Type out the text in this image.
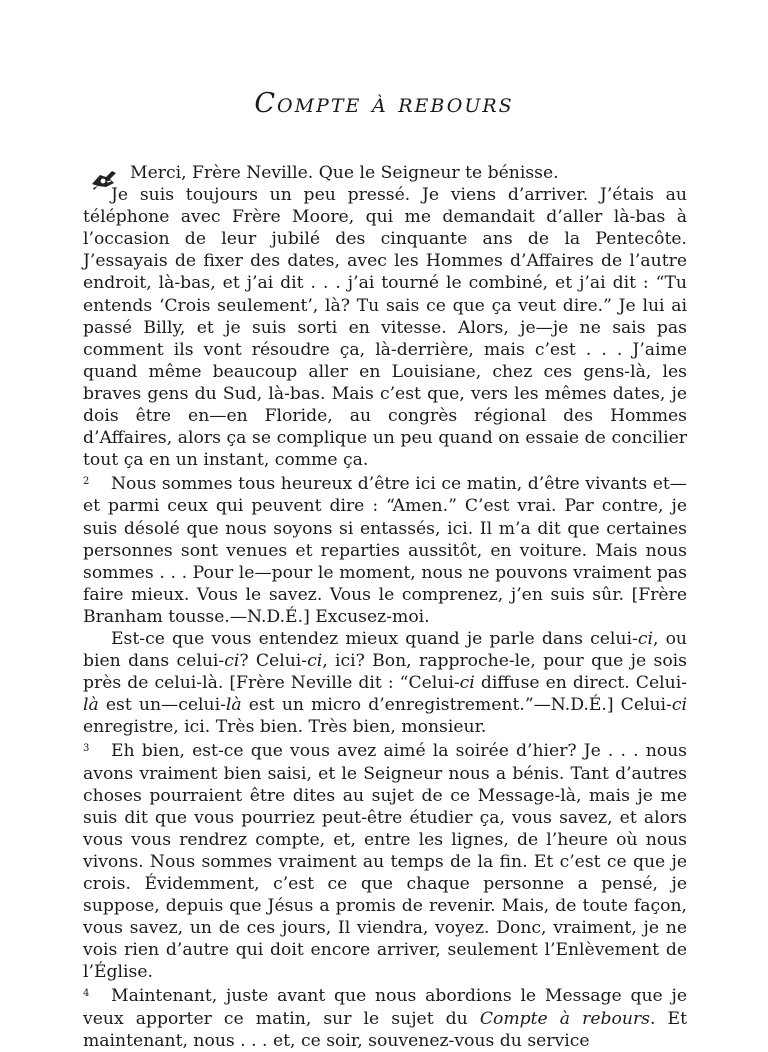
Compte à rebours

Merci, Frère Neville. Que le Seigneur te bénisse.

Je suis toujours un peu pressé. Je viens d’arriver. J’étais au téléphone avec Frère Moore, qui me demandait d’aller là-bas à l’occasion de leur jubilé des cinquante ans de la Pentecôte. J’essayais de fixer des dates, avec les Hommes d’Affaires de l’autre endroit, là-bas, et j’ai dit . . . j’ai tourné le combiné, et j’ai dit : “Tu entends ‘Crois seulement’, là? Tu sais ce que ça veut dire.” Je lui ai passé Billy, et je suis sorti en vitesse. Alors, je—je ne sais pas comment ils vont résoudre ça, là-derrière, mais c’est . . . J’aime quand même beaucoup aller en Louisiane, chez ces gens-là, les braves gens du Sud, là-bas. Mais c’est que, vers les mêmes dates, je dois être en—en Floride, au congrès régional des Hommes d’Affaires, alors ça se complique un peu quand on essaie de concilier tout ça en un instant, comme ça.

2 Nous sommes tous heureux d’être ici ce matin, d’être vivants et—et parmi ceux qui peuvent dire : “Amen.” C’est vrai. Par contre, je suis désolé que nous soyons si entassés, ici. Il m’a dit que certaines personnes sont venues et reparties aussitôt, en voiture. Mais nous sommes . . . Pour le—pour le moment, nous ne pouvons vraiment pas faire mieux. Vous le savez. Vous le comprenez, j’en suis sûr. [Frère Branham tousse.—N.D.É.] Excusez-moi.

Est-ce que vous entendez mieux quand je parle dans celui-ci, ou bien dans celui-ci? Celui-ci, ici? Bon, rapproche-le, pour que je sois près de celui-là. [Frère Neville dit : “Celui-ci diffuse en direct. Celui-là est un—celui-là est un micro d’enregistrement.”—N.D.É.] Celui-ci enregistre, ici. Très bien. Très bien, monsieur.

3 Eh bien, est-ce que vous avez aimé la soirée d’hier? Je . . . nous avons vraiment bien saisi, et le Seigneur nous a bénis. Tant d’autres choses pourraient être dites au sujet de ce Message-là, mais je me suis dit que vous pourriez peut-être étudier ça, vous savez, et alors vous vous rendrez compte, et, entre les lignes, de l’heure où nous vivons. Nous sommes vraiment au temps de la fin. Et c’est ce que je crois. Évidemment, c’est ce que chaque personne a pensé, je suppose, depuis que Jésus a promis de revenir. Mais, de toute façon, vous savez, un de ces jours, Il viendra, voyez. Donc, vraiment, je ne vois rien d’autre qui doit encore arriver, seulement l’Enlèvement de l’Église.

4 Maintenant, juste avant que nous abordions le Message que je veux apporter ce matin, sur le sujet du Compte à rebours. Et maintenant, nous . . . et, ce soir, souvenez-vous du service
